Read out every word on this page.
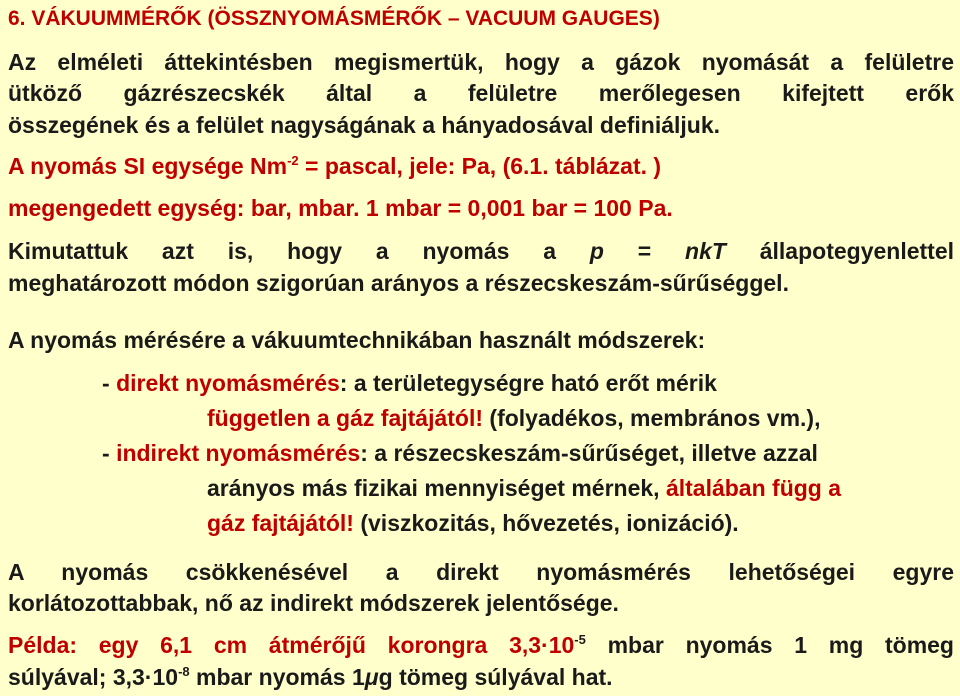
6. VÁKUUMMÉRŐK (ÖSSZNYOMÁSMÉRŐK – VACUUM GAUGES)
Az elméleti áttekintésben megismertük, hogy a gázok nyomását a felületre
ütköző gázrészecskék által a felületre merőlegesen kifejtett erők
összegének és a felület nagyságának a hányadosával definiáljuk.
A nyomás SI egysége $Nm^{-2}$ = pascal, jele: Pa, (6.1. táblázat. )
megengedett egység: bar, mbar. 1 mbar = 0,001 bar = 100 Pa.
Kimutattuk azt is, hogy a nyomás a p = nkT állapotegyenlettel
meghatározott módon szigorúan arányos a részecskeszám-sűrűséggel.
A nyomás mérésére a vákuumtechnikában használt módszerek:
- direkt nyomásmérés: a területegységre ható erőt mérik
független a gáz fajtájától! (folyadékos, membrános vm.),
- indirekt nyomásmérés: a részecskeszám-sűrűséget, illetve azzal
arányos más fizikai mennyiséget mérnek, általában függ a
gáz fajtájától! (viszkozitás, hővezetés, ionizáció).
A nyomás csökkenésével a direkt nyomásmérés lehetőségei egyre
korlátozottabbak, nő az indirekt módszerek jelentősége.
Példa: egy 6,1 cm átmérőjű korongra $3,3\cdot 10^{-5}$ mbar nyomás 1 mg tömeg
súlyával; $3,3\cdot 10^{-8}$ mbar nyomás 1μg tömeg súlyával hat.
